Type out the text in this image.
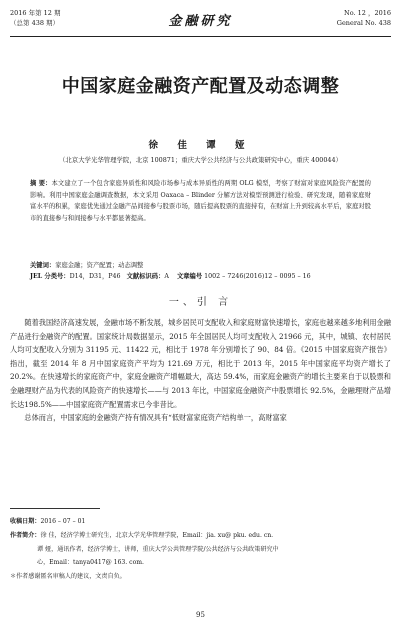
2016 年第 12 期
（总第 438 期）	金融研究
No. 12 ，2016
General No. 438
中国家庭金融资产配置及动态调整
徐 佳 谭 娅
（北京大学光华管理学院，北京 100871；重庆大学公共经济与公共政策研究中心，重庆 400044）
摘 要：本文建立了一个包含家庭异质性和风险市场参与成本异质性的两期 OLG 模型，考察了财富对家庭风险资产配置的影响。利用中国家庭金融调查数据，本文采用 Oaxaca – Blinder 分解方法对模型预测进行检验、研究发现，随着家庭财富水平的积累，家庭优先通过金融产品间接参与股票市场，随后提高股票的直接持有，在财富上升到较高水平后，家庭对股市的直接参与和间接参与水平都显著提高。
关键词：家庭金融；资产配置；动态调整
JEL 分类号：D14，D31，P46 文献标识码：A 文章编号 1002 – 7246(2016)12 – 0095 – 16
一、引 言

随着我国经济高速发展，金融市场不断发展，城乡居民可支配收入和家庭财富快速增长，家庭也越来越多地利用金融产品进行金融资产的配置。国家统计局数据显示，2015 年全国居民人均可支配收入 21966 元，其中，城镇、农村居民人均可支配收入分别为 31195 元、11422 元，相比于 1978 年分别增长了 90、84 倍。《2015 中国家庭资产报告》指出，截至 2014 年 8 月中国家庭资产平均为 121.69 万元，相比于 2013 年，2015 年中国家庭平均资产增长了 20.2%。在快速增长的家庭资产中，家庭金融资产增幅最大，高达 59.4%，而家庭金融资产的增长主要来自于以股票和金融理财产品为代表的风险资产的快速增长——与 2013 年比，中国家庭金融资产中股票增长 92.5%，金融理财产品增长达198.5%——中国家庭资产配置需求已今非昔比。

总体而言，中国家庭的金融资产持有情况具有“低财富家庭资产结构单一，高财富家

收稿日期：2016 – 07 – 01
作者简介：徐 佳，经济学博士研究生，北京大学光华管理学院，Email：jia. xu@ pku. edu. cn.
谭 娅，通讯作者，经济学博士，讲师，重庆大学公共管理学院/公共经济与公共政策研究中
心，Email：tanya0417@ 163. com.
＊作者感谢匿名审稿人的建议，文责自负。
95
